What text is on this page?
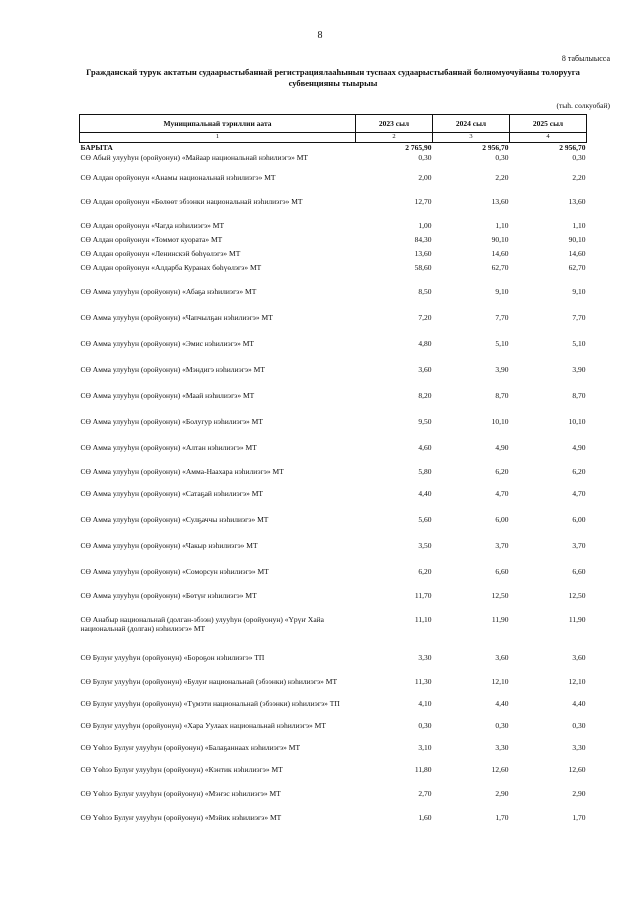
8
8 табылыысса
Гражданскай турук актатын судаарыстыбаннай регистрациялааһынын туспаах судаарыстыбаннай болномуочуйаны толорууга субвенцияны тыырыы
(тыһ. солкуобай)
Муниципальнай тэриллии аата	2023 сыл	2024 сыл	2025 сыл
1	2	3	4
БАРЫТА	2 765,90	2 956,70	2 956,70
СӨ Абый улууһун (оройуонун) «Майаар национальнай нэһилиэгэ» МТ	0,30	0,30	0,30
СӨ Алдан оройуонун «Анамы национальнай нэһилиэгэ» МТ	2,00	2,20	2,20
СӨ Алдан оройуонун «Бөлөөт эбээнки национальнай нэһилиэгэ» МТ	12,70	13,60	13,60
СӨ Алдан оройуонун «Чагда нэһилиэгэ» МТ	1,00	1,10	1,10
СӨ Алдан оройуонун «Томмот куората» МТ	84,30	90,10	90,10
СӨ Алдан оройуонун «Ленинскэй бөһүөлэгэ» МТ	13,60	14,60	14,60
СӨ Алдан оройуонун «Алдарба Куранах бөһүөлэгэ» МТ	58,60	62,70	62,70
СӨ Амма улууһун (оройуонун) «Абаҕа нэһилиэгэ» МТ	8,50	9,10	9,10
СӨ Амма улууһун (оройуонун) «Чапчылҕан нэһилиэгэ» МТ	7,20	7,70	7,70
СӨ Амма улууһун (оройуонун) «Эмис нэһилиэгэ» МТ	4,80	5,10	5,10
СӨ Амма улууһун (оройуонун) «Мэндигэ нэһилиэгэ» МТ	3,60	3,90	3,90
СӨ Амма улууһун (оройуонун) «Маай нэһилиэгэ» МТ	8,20	8,70	8,70
СӨ Амма улууһун (оройуонун) «Болугур нэһилиэгэ» МТ	9,50	10,10	10,10
СӨ Амма улууһун (оройуонун) «Алтан нэһилиэгэ» МТ	4,60	4,90	4,90
СӨ Амма улууһун (оройуонун) «Амма-Наахара нэһилиэгэ» МТ	5,80	6,20	6,20
СӨ Амма улууһун (оройуонун) «Сатаҕай нэһилиэгэ» МТ	4,40	4,70	4,70
СӨ Амма улууһун (оройуонун) «Сулҕаччы нэһилиэгэ» МТ	5,60	6,00	6,00
СӨ Амма улууһун (оройуонун) «Чакыр нэһилиэгэ» МТ	3,50	3,70	3,70
СӨ Амма улууһун (оройуонун) «Соморсун нэһилиэгэ» МТ	6,20	6,60	6,60
СӨ Амма улууһун (оройуонун) «Бөтүҥ нэһилиэгэ» МТ	11,70	12,50	12,50
СӨ Анабыр национальнай (долган-эбээн) улууһун (оройуонун) «Үрүҥ Хайа национальнай (долган) нэһилиэгэ» МТ	11,10	11,90	11,90
СӨ Булуҥ улууһун (оройуонун) «Бороҕон нэһилиэгэ» ТП	3,30	3,60	3,60
СӨ Булуҥ улууһун (оройуонун) «Булуҥ национальнай (эбээнки) нэһилиэгэ» МТ	11,30	12,10	12,10
СӨ Булуҥ улууһун (оройуонун) «Тү̣мэти национальнай (эбээнки) нэһилиэгэ» ТП	4,10	4,40	4,40
СӨ Булуҥ улууһун (оройуонун) «Хара Уулаах национальнай нэһилиэгэ» МТ	0,30	0,30	0,30
СӨ Үөһээ Булуҥ улууһун (оройуонун) «Балаҕаннаах нэһилиэгэ» МТ	3,10	3,30	3,30
СӨ Үөһээ Булуҥ улууһун (оройуонун) «Кэнтик нэһилиэгэ» МТ	11,80	12,60	12,60
СӨ Үөһээ Булуҥ улууһун (оройуонун) «Мэҥэс нэһилиэгэ» МТ	2,70	2,90	2,90
СӨ Үөһээ Булуҥ улууһун (оройуонун) «Мэйик нэһилиэгэ» МТ	1,60	1,70	1,70
